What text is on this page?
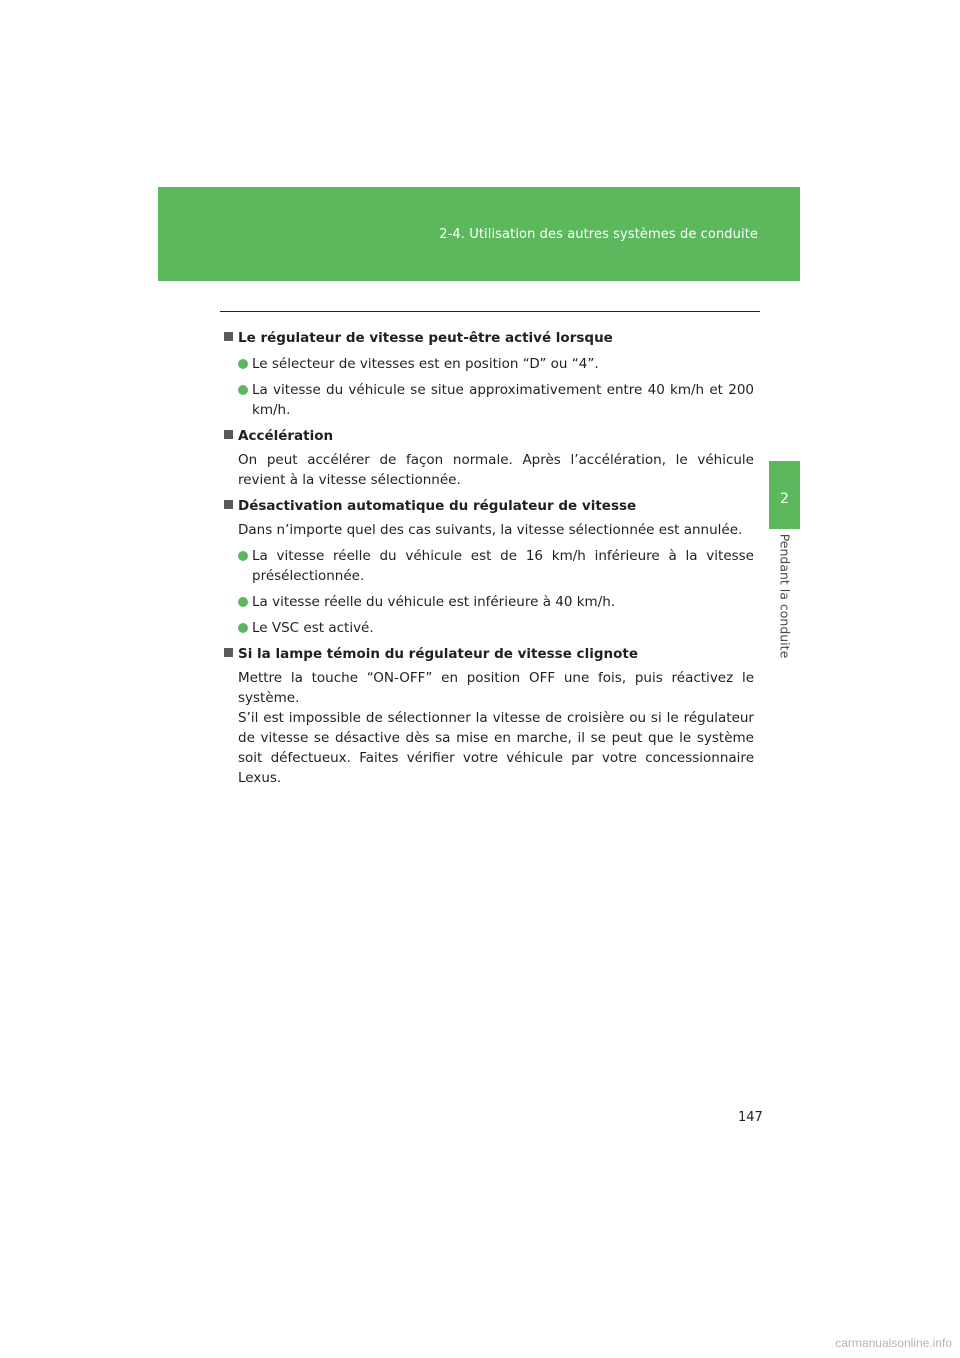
2-4. Utilisation des autres systèmes de conduite
2
Pendant la conduite
Le régulateur de vitesse peut-être activé lorsque
Le sélecteur de vitesses est en position “D” ou “4”.
La vitesse du véhicule se situe approximativement entre 40 km/h et 200 km/h.
Accélération
On peut accélérer de façon normale. Après l’accélération, le véhicule revient à la vitesse sélectionnée.
Désactivation automatique du régulateur de vitesse
Dans n’importe quel des cas suivants, la vitesse sélectionnée est annulée.
La vitesse réelle du véhicule est de 16 km/h inférieure à la vitesse présélectionnée.
La vitesse réelle du véhicule est inférieure à 40 km/h.
Le VSC est activé.
Si la lampe témoin du régulateur de vitesse clignote
Mettre la touche “ON-OFF” en position OFF une fois, puis réactivez le système.
S’il est impossible de sélectionner la vitesse de croisière ou si le régulateur de vitesse se désactive dès sa mise en marche, il se peut que le système soit défectueux. Faites vérifier votre véhicule par votre concessionnaire Lexus.
147
carmanualsonline.info
